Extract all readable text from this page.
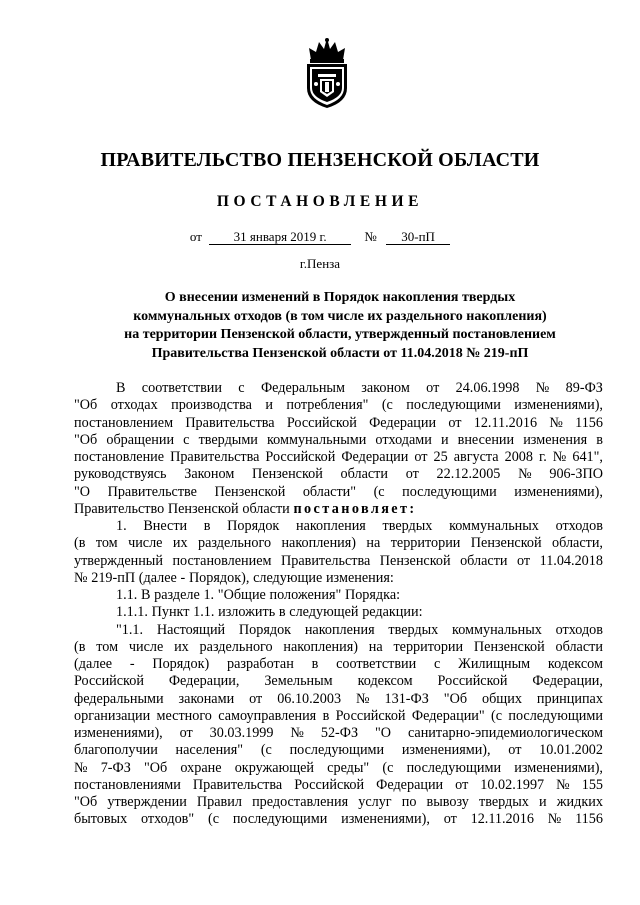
ПРАВИТЕЛЬСТВО ПЕНЗЕНСКОЙ ОБЛАСТИ
ПОСТАНОВЛЕНИЕ
от 31 января 2019 г.	№ 30-пП
г.Пенза
О внесении изменений в Порядок накопления твердых
коммунальных отходов (в том числе их раздельного накопления)
на территории Пензенской области, утвержденный постановлением
Правительства Пензенской области от 11.04.2018 № 219-пП
В соответствии с Федеральным законом от 24.06.1998 № 89-ФЗ
"Об отходах производства и потребления" (с последующими изменениями),
постановлением Правительства Российской Федерации от 12.11.2016 № 1156
"Об обращении с твердыми коммунальными отходами и внесении изменения в
постановление Правительства Российской Федерации от 25 августа 2008 г. № 641",
руководствуясь Законом Пензенской области от 22.12.2005 № 906-ЗПО
"О Правительстве Пензенской области" (с последующими изменениями),
Правительство Пензенской области постановляет:
1. Внести в Порядок накопления твердых коммунальных отходов
(в том числе их раздельного накопления) на территории Пензенской области,
утвержденный постановлением Правительства Пензенской области от 11.04.2018
№ 219-пП (далее - Порядок), следующие изменения:
1.1. В разделе 1. "Общие положения" Порядка:
1.1.1. Пункт 1.1. изложить в следующей редакции:
"1.1. Настоящий Порядок накопления твердых коммунальных отходов
(в том числе их раздельного накопления) на территории Пензенской области
(далее - Порядок) разработан в соответствии с Жилищным кодексом
Российской Федерации, Земельным кодексом Российской Федерации,
федеральными законами от 06.10.2003 № 131-ФЗ "Об общих принципах
организации местного самоуправления в Российской Федерации" (с последующими
изменениями), от 30.03.1999 № 52-ФЗ "О санитарно-эпидемиологическом
благополучии населения" (с последующими изменениями), от 10.01.2002
№ 7-ФЗ "Об охране окружающей среды" (с последующими изменениями),
постановлениями Правительства Российской Федерации от 10.02.1997 № 155
"Об утверждении Правил предоставления услуг по вывозу твердых и жидких
бытовых отходов" (с последующими изменениями), от 12.11.2016 № 1156
